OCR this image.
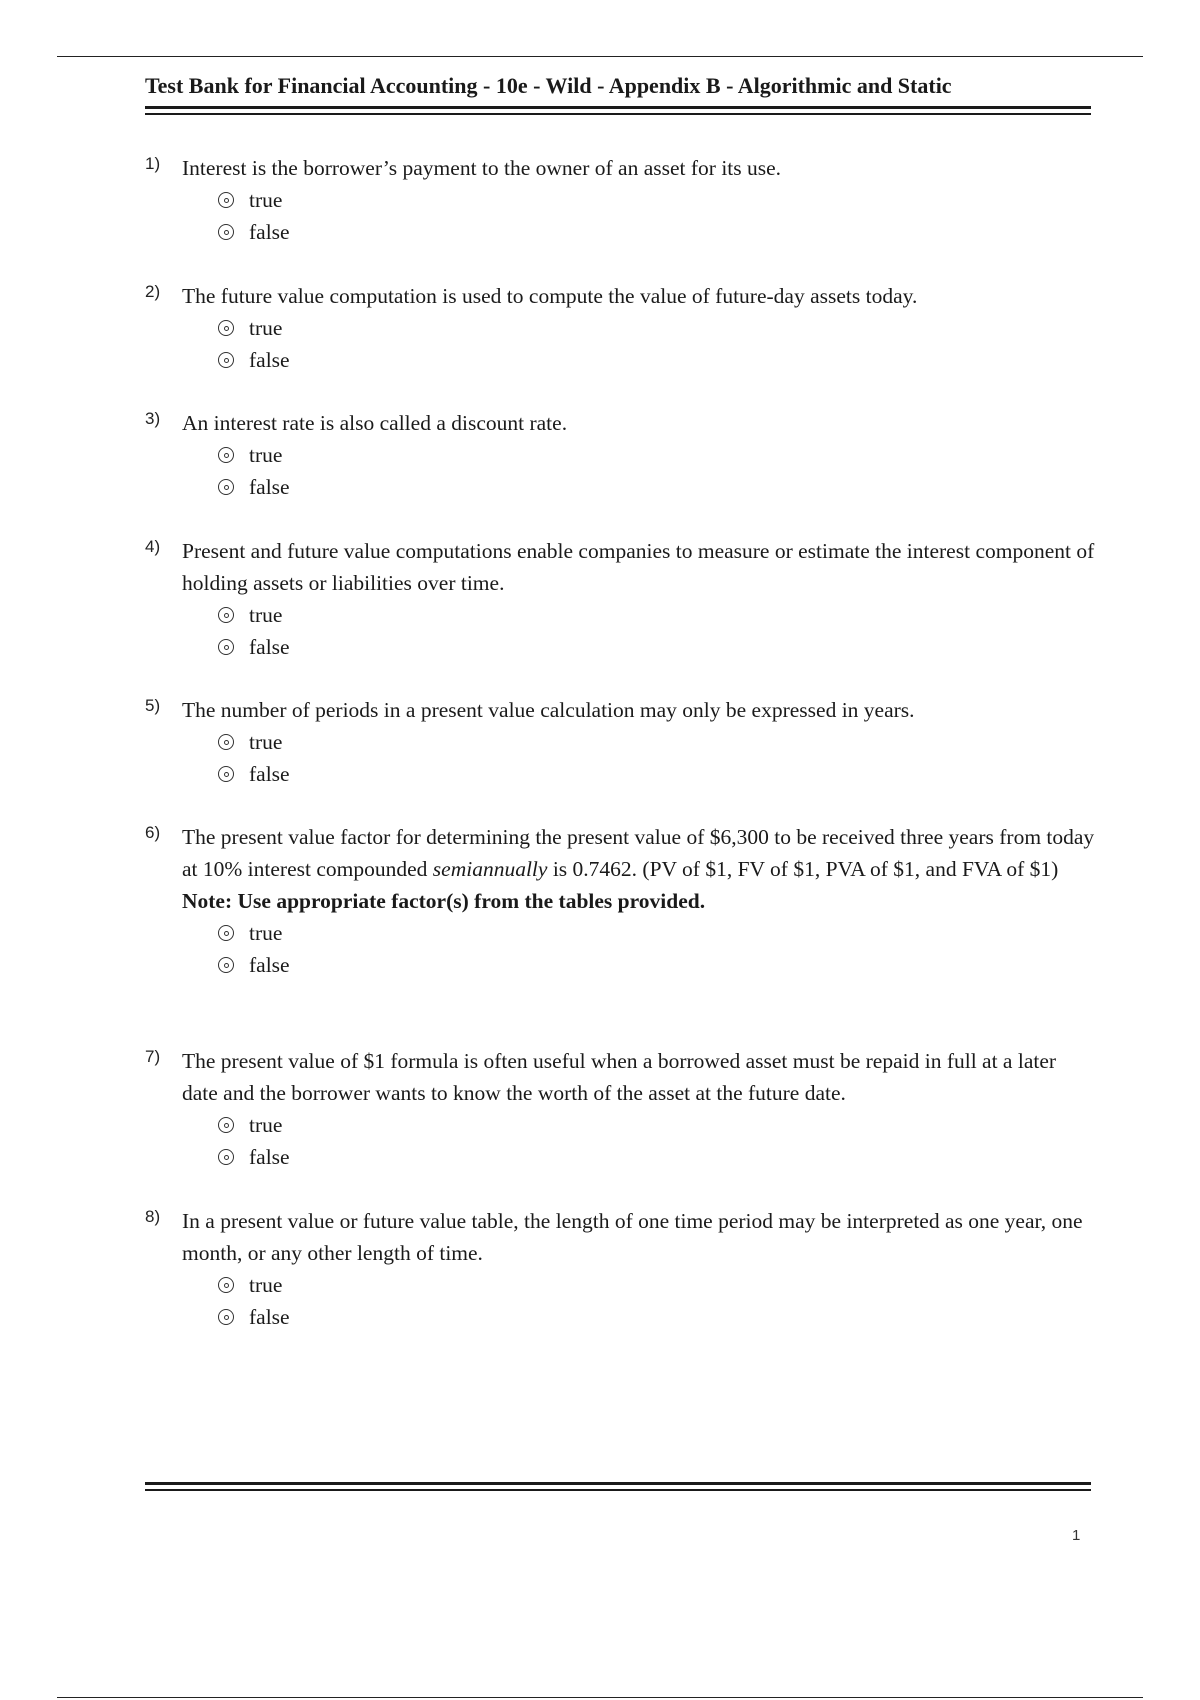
Test Bank for Financial Accounting - 10e - Wild - Appendix B - Algorithmic and Static
1) Interest is the borrower’s payment to the owner of an asset for its use.
true
false
2) The future value computation is used to compute the value of future-day assets today.
true
false
3) An interest rate is also called a discount rate.
true
false
4) Present and future value computations enable companies to measure or estimate the interest component of holding assets or liabilities over time.
true
false
5) The number of periods in a present value calculation may only be expressed in years.
true
false
6) The present value factor for determining the present value of $6,300 to be received three years from today at 10% interest compounded semiannually is 0.7462. (PV of $1, FV of $1, PVA of $1, and FVA of $1)
Note: Use appropriate factor(s) from the tables provided.
true
false
7) The present value of $1 formula is often useful when a borrowed asset must be repaid in full at a later date and the borrower wants to know the worth of the asset at the future date.
true
false
8) In a present value or future value table, the length of one time period may be interpreted as one year, one month, or any other length of time.
true
false
1
